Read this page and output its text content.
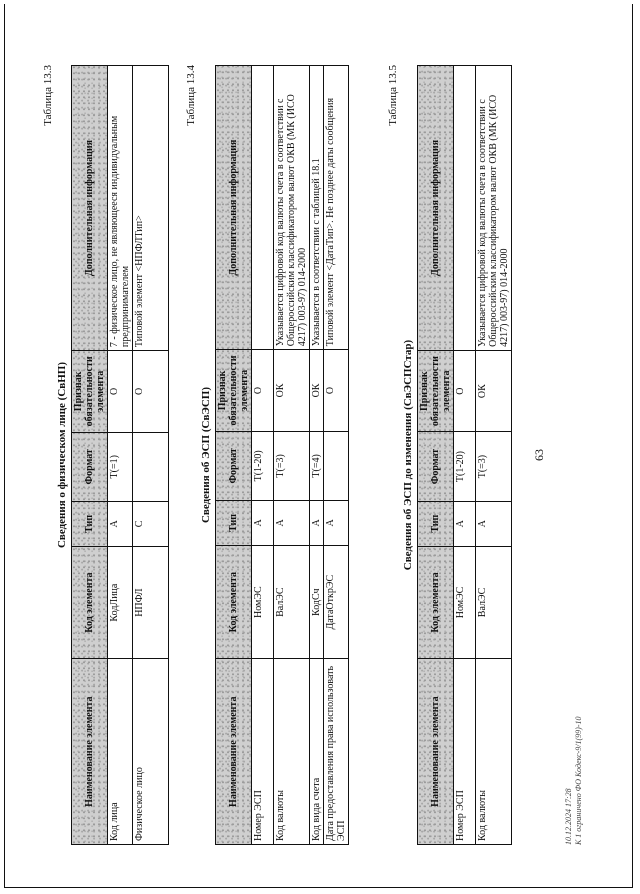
Таблица 13.3
Сведения о физическом лице (СвНП)
Наименование элемента	Код элемента	Тип	Формат	Признак обязательности элемента	Дополнительная информация
Код лица	КодЛица	А	T(=1)	О	7 - физическое лицо, не являющееся индивидуальным предпринимателем
Физическое лицо	НПФЛ	С		О	Типовой элемент <НПФЛТип>
Таблица 13.4
Сведения об ЭСП (СвЭСП)
Наименование элемента	Код элемента	Тип	Формат	Признак обязательности элемента	Дополнительная информация
Номер ЭСП	НомЭС	А	T(1-20)	О	
Код валюты	ВалЭС	А	T(=3)	ОК	Указывается цифровой код валюты счета в соответствии с Общероссийским классификатором валют ОКВ (МК (ИСО 4217) 003-97) 014-2000
Код вида счета	КодСч	А	T(=4)	ОК	Указывается в соответствии с таблицей 18.1
Дата предоставления права использовать ЭСП	ДатаОткрЭС	А		О	Типовой элемент <ДатаТип>. Не позднее даты сообщения
Таблица 13.5
Сведения об ЭСП до изменения (СвЭСПСтар)
Наименование элемента	Код элемента	Тип	Формат	Признак обязательности элемента	Дополнительная информация
Номер ЭСП	НомЭС	А	T(1-20)	О	
Код валюты	ВалЭС	А	T(=3)	ОК	Указывается цифровой код валюты счета в соответствии с Общероссийским классификатором валют ОКВ (МК (ИСО 4217) 003-97) 014-2000
63
10.12.2024 17:28 К 1 ограничено ФО Кодекс-9/1(99)-10
